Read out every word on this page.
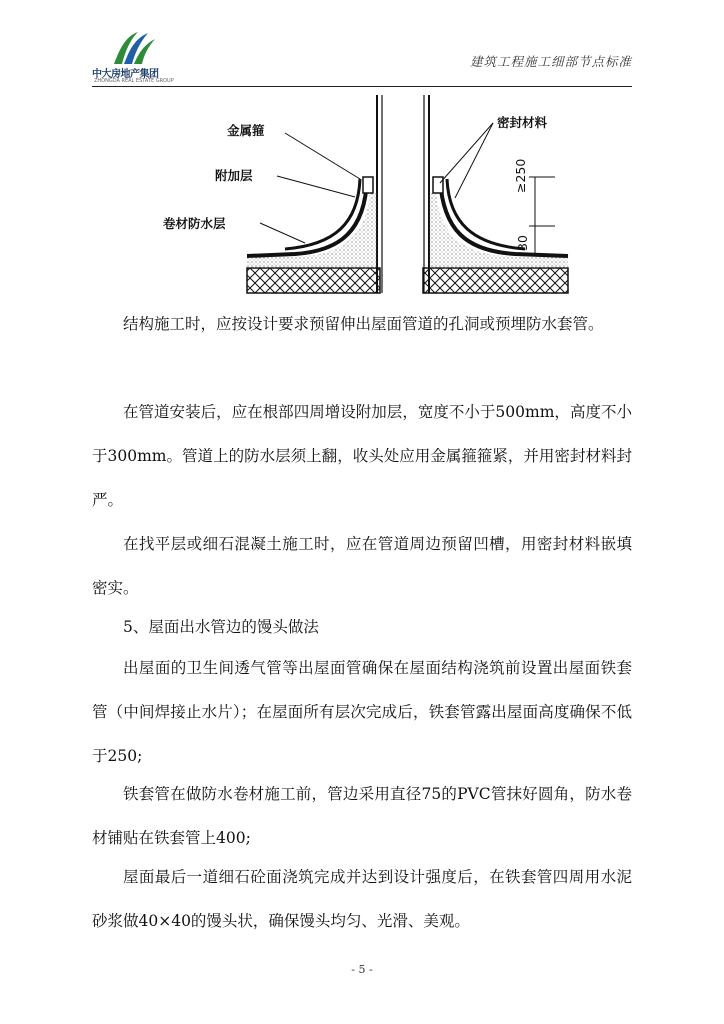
中大房地产集团
ZHONGDA REAL ESTATE GROUP
建筑工程施工细部节点标准
金属箍
附加层
卷材防水层
密封材料
≥250
30

结构施工时，应按设计要求预留伸出屋面管道的孔洞或预埋防水套管。

在管道安装后，应在根部四周增设附加层，宽度不小于500mm，高度不小于300mm。管道上的防水层须上翻，收头处应用金属箍箍紧，并用密封材料封严。

在找平层或细石混凝土施工时，应在管道周边预留凹槽，用密封材料嵌填密实。

5、屋面出水管边的馒头做法

出屋面的卫生间透气管等出屋面管确保在屋面结构浇筑前设置出屋面铁套管（中间焊接止水片）；在屋面所有层次完成后，铁套管露出屋面高度确保不低于250;

铁套管在做防水卷材施工前，管边采用直径75的PVC管抹好圆角，防水卷材铺贴在铁套管上400;

屋面最后一道细石砼面浇筑完成并达到设计强度后，在铁套管四周用水泥砂浆做40×40的馒头状，确保馒头均匀、光滑、美观。

- 5 -
